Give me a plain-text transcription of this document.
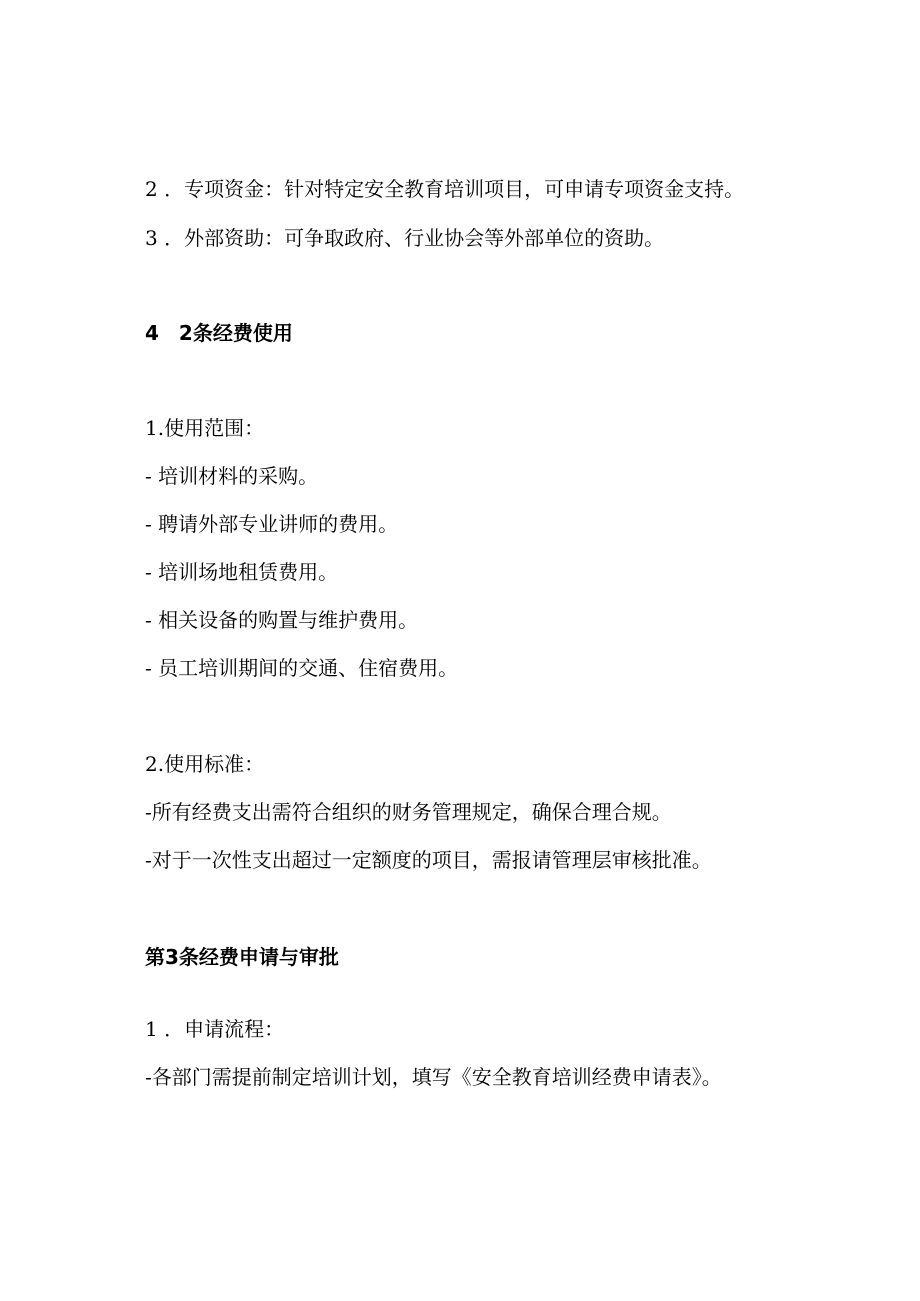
2 ．专项资金：针对特定安全教育培训项目，可申请专项资金支持。
3 ．外部资助：可争取政府、行业协会等外部单位的资助。
4　2条经费使用
1.使用范围：
- 培训材料的采购。
- 聘请外部专业讲师的费用。
- 培训场地租赁费用。
- 相关设备的购置与维护费用。
- 员工培训期间的交通、住宿费用。
2.使用标准：
-所有经费支出需符合组织的财务管理规定，确保合理合规。
-对于一次性支出超过一定额度的项目，需报请管理层审核批准。
第3条经费申请与审批
1 ．申请流程：
-各部门需提前制定培训计划，填写《安全教育培训经费申请表》。
